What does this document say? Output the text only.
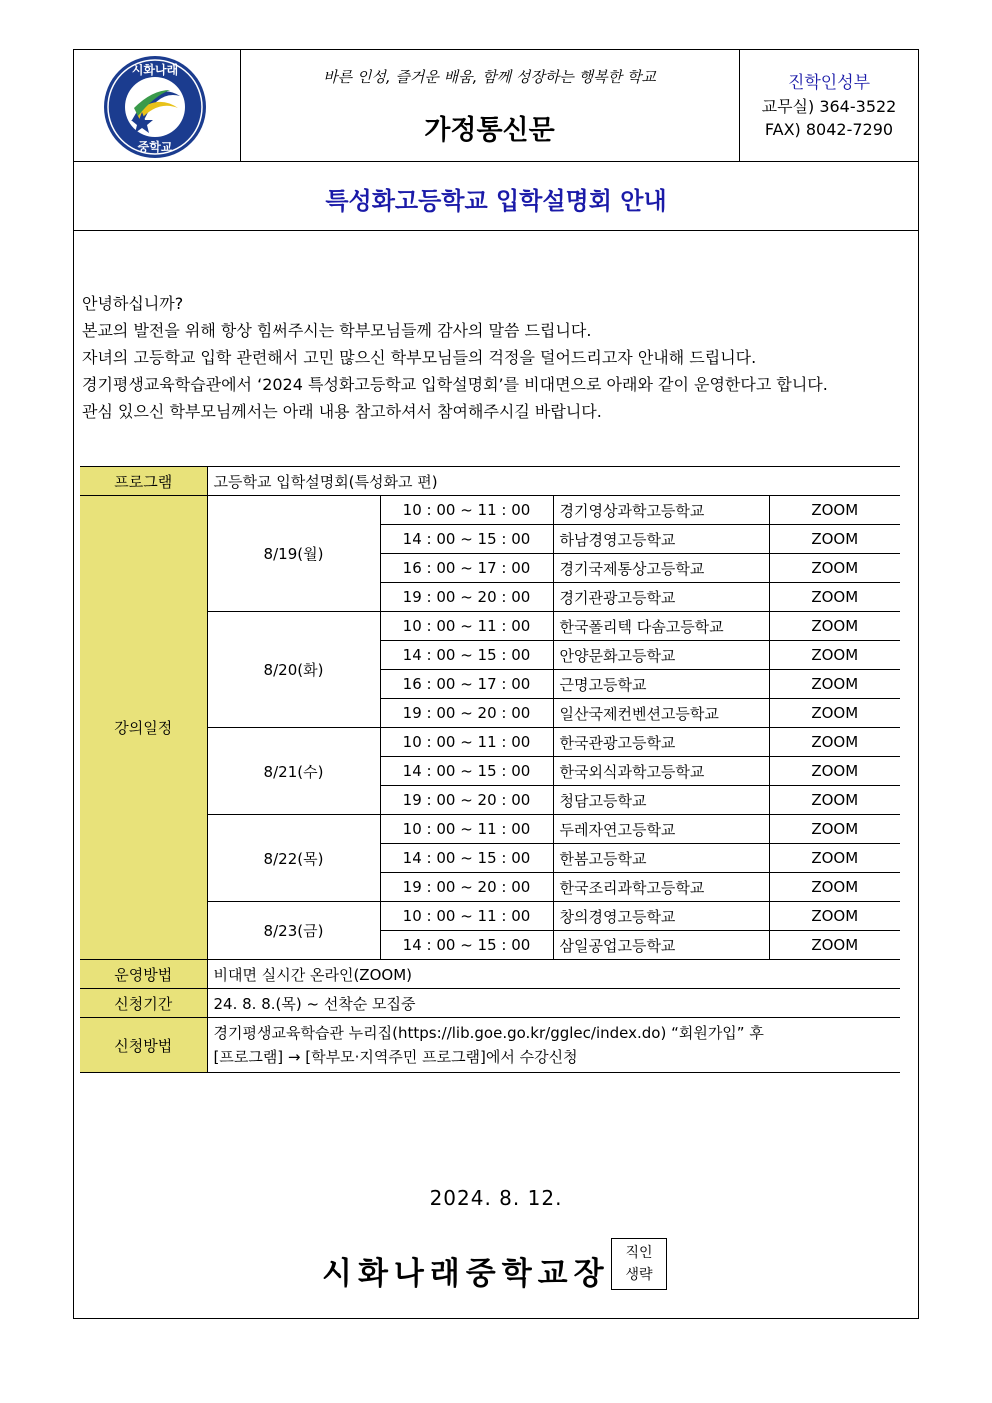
시화나래
중학교
바른 인성, 즐거운 배움, 함께 성장하는 행복한 학교
가정통신문
진학인성부
교무실) 364-3522
FAX) 8042-7290
특성화고등학교 입학설명회 안내
안녕하십니까?
본교의 발전을 위해 항상 힘써주시는 학부모님들께 감사의 말씀 드립니다.
자녀의 고등학교 입학 관련해서 고민 많으신 학부모님들의 걱정을 덜어드리고자 안내해 드립니다.
경기평생교육학습관에서 ‘2024 특성화고등학교 입학설명회’를 비대면으로 아래와 같이 운영한다고 합니다.
관심 있으신 학부모님께서는 아래 내용 참고하셔서 참여해주시길 바랍니다.
프로그램	고등학교 입학설명회(특성화고 편)			
강의일정	8/19(월)	10 : 00 ~ 11 : 00	경기영상과학고등학교	ZOOM
		14 : 00 ~ 15 : 00	하남경영고등학교	ZOOM
		16 : 00 ~ 17 : 00	경기국제통상고등학교	ZOOM
		19 : 00 ~ 20 : 00	경기관광고등학교	ZOOM
	8/20(화)	10 : 00 ~ 11 : 00	한국폴리텍 다솜고등학교	ZOOM
		14 : 00 ~ 15 : 00	안양문화고등학교	ZOOM
		16 : 00 ~ 17 : 00	근명고등학교	ZOOM
		19 : 00 ~ 20 : 00	일산국제컨벤션고등학교	ZOOM
	8/21(수)	10 : 00 ~ 11 : 00	한국관광고등학교	ZOOM
		14 : 00 ~ 15 : 00	한국외식과학고등학교	ZOOM
		19 : 00 ~ 20 : 00	청담고등학교	ZOOM
	8/22(목)	10 : 00 ~ 11 : 00	두레자연고등학교	ZOOM
		14 : 00 ~ 15 : 00	한봄고등학교	ZOOM
		19 : 00 ~ 20 : 00	한국조리과학고등학교	ZOOM
	8/23(금)	10 : 00 ~ 11 : 00	창의경영고등학교	ZOOM
		14 : 00 ~ 15 : 00	삼일공업고등학교	ZOOM
운영방법	비대면 실시간 온라인(ZOOM)			
신청기간	24. 8. 8.(목) ~ 선착순 모집중			
신청방법	경기평생교육학습관 누리집(https://lib.goe.go.kr/gglec/index.do) “회원가입” 후
[프로그램] → [학부모·지역주민 프로그램]에서 수강신청			
2024. 8. 12.
시화나래중학교장
직인
생략
